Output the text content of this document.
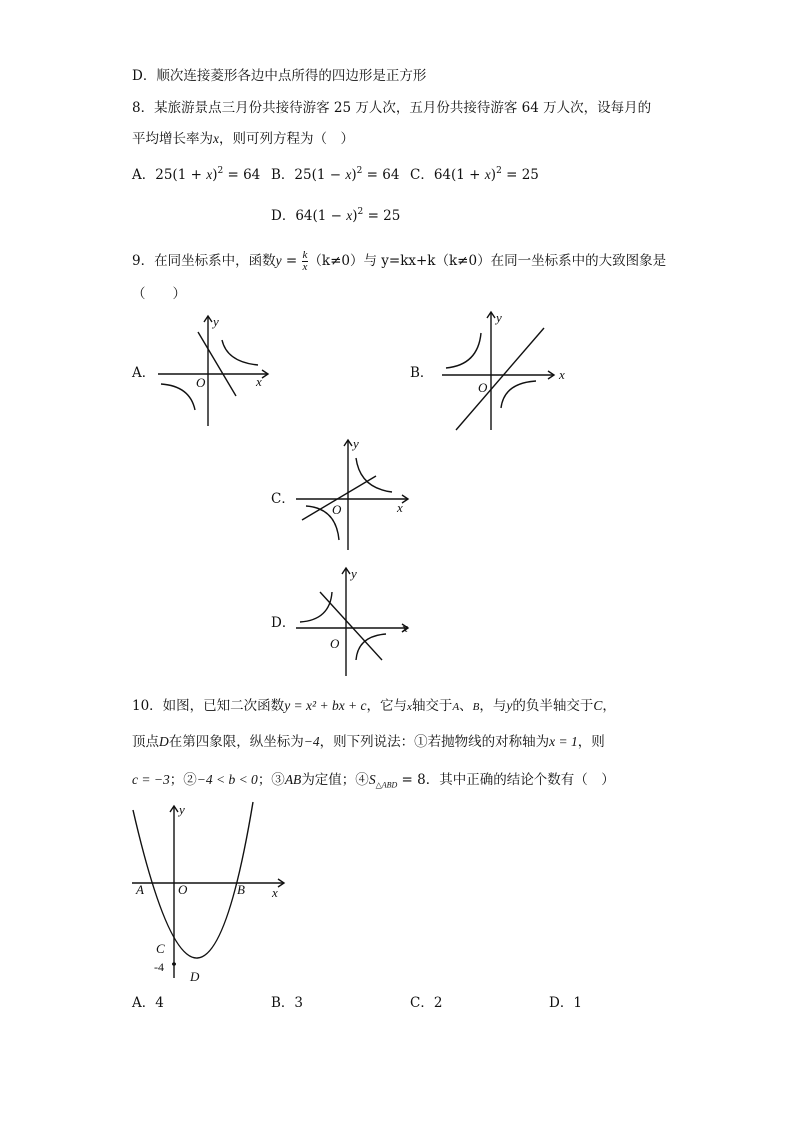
D．顺次连接菱形各边中点所得的四边形是正方形
8．某旅游景点三月份共接待游客 25 万人次，五月份共接待游客 64 万人次，设每月的
平均增长率为x，则可列方程为（　）
A．$25(1 + x)^2 = 64$ B．$25(1 - x)^2 = 64$ C．$64(1 + x)^2 = 25$
D．$64(1 - x)^2 = 25$
9．在同坐标系中，函数$y = \frac{k}{x} (k\ne 0)$与 y=kx+k（k≠0）在同一坐标系中的大致图象是
（　　）
A．	B．
C．
D．
y
x
O
y
x
O
y
x
O
y
x
O
10．如图，已知二次函数y = x² + bx + c，它与x轴交于A、B，与y的负半轴交于C，
顶点D在第四象限，纵坐标为−4，则下列说法：①若抛物线的对称轴为x = 1，则
c = −3；②−4 < b < 0；③AB为定值；$④S_{\triangle ABD} = 8$．其中正确的结论个数有（　）
y
x
A	O	B
C
-4
D
A．4	B．3	C．2	D．1
